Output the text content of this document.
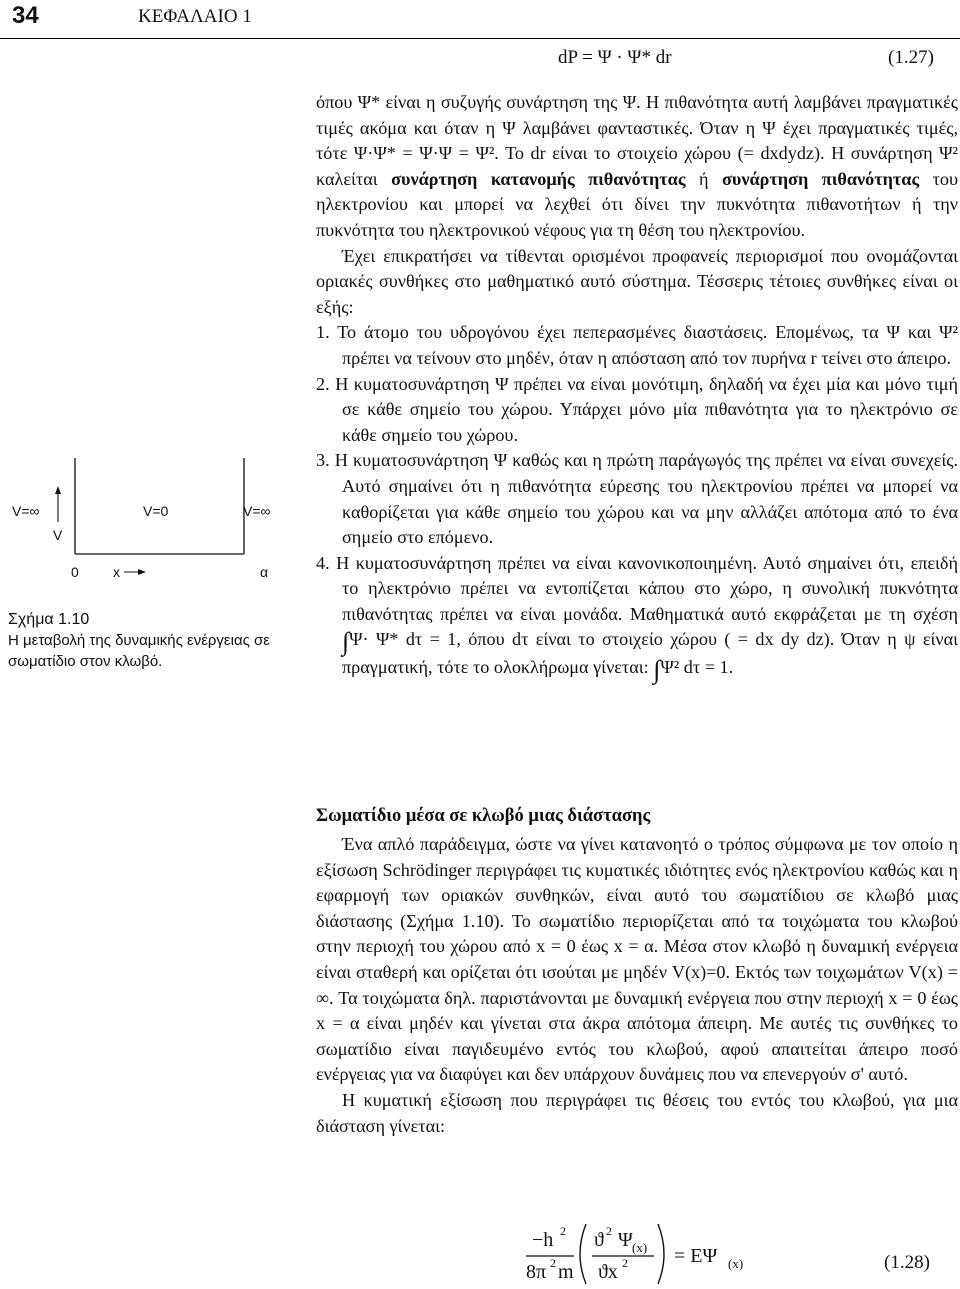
34	ΚΕΦΑΛΑΙΟ 1
dP = Ψ · Ψ* dr	(1.27)

όπου Ψ* είναι η συζυγής συνάρτηση της Ψ. Η πιθανότητα αυτή λαμβάνει πραγματικές τιμές ακόμα και όταν η Ψ λαμβάνει φανταστικές. Όταν η Ψ έχει πραγματικές τιμές, τότε Ψ·Ψ* = Ψ·Ψ = Ψ². Το dr είναι το στοιχείο χώρου (= dxdydz). Η συνάρτηση Ψ² καλείται συνάρτηση κατανομής πιθανότητας ή συνάρτηση πιθανότητας του ηλεκτρονίου και μπορεί να λεχθεί ότι δίνει την πυκνότητα πιθανοτήτων ή την πυκνότητα του ηλεκτρονικού νέφους για τη θέση του ηλεκτρονίου.

Έχει επικρατήσει να τίθενται ορισμένοι προφανείς περιορισμοί που ονομάζονται οριακές συνθήκες στο μαθηματικό αυτό σύστημα. Τέσσερις τέτοιες συνθήκες είναι οι εξής:

1. Το άτομο του υδρογόνου έχει πεπερασμένες διαστάσεις. Επομένως, τα Ψ και Ψ² πρέπει να τείνουν στο μηδέν, όταν η απόσταση από τον πυρήνα r τείνει στο άπειρο.

2. Η κυματοσυνάρτηση Ψ πρέπει να είναι μονότιμη, δηλαδή να έχει μία και μόνο τιμή σε κάθε σημείο του χώρου. Υπάρχει μόνο μία πιθανότητα για το ηλεκτρόνιο σε κάθε σημείο του χώρου.

3. Η κυματοσυνάρτηση Ψ καθώς και η πρώτη παράγωγός της πρέπει να είναι συνεχείς. Αυτό σημαίνει ότι η πιθανότητα εύρεσης του ηλεκτρονίου πρέπει να μπορεί να καθορίζεται για κάθε σημείο του χώρου και να μην αλλάζει απότομα από το ένα σημείο στο επόμενο.

4. Η κυματοσυνάρτηση πρέπει να είναι κανονικοποιημένη. Αυτό σημαίνει ότι, επειδή το ηλεκτρόνιο πρέπει να εντοπίζεται κάπου στο χώρο, η συνολική πυκνότητα πιθανότητας πρέπει να είναι μονάδα. Μαθηματικά αυτό εκφράζεται με τη σχέση ∫Ψ· Ψ* dτ = 1, όπου dτ είναι το στοιχείο χώρου ( = dx dy dz). Όταν η ψ είναι πραγματική, τότε το ολοκλήρωμα γίνεται: ∫Ψ² dτ = 1.

V=∞
V
V=0	V=∞
0 x	α
Σχήμα 1.10
Η μεταβολή της δυναμικής ενέργειας σε σωματίδιο στον κλωβό.
Σωματίδιο μέσα σε κλωβό μιας διάστασης

Ένα απλό παράδειγμα, ώστε να γίνει κατανοητό ο τρόπος σύμφωνα με τον οποίο η εξίσωση Schrödinger περιγράφει τις κυματικές ιδιότητες ενός ηλεκτρονίου καθώς και η εφαρμογή των οριακών συνθηκών, είναι αυτό του σωματίδιου σε κλωβό μιας διάστασης (Σχήμα 1.10). Το σωματίδιο περιορίζεται από τα τοιχώματα του κλωβού στην περιοχή του χώρου από x = 0 έως x = α. Μέσα στον κλωβό η δυναμική ενέργεια είναι σταθερή και ορίζεται ότι ισούται με μηδέν V(x)=0. Εκτός των τοιχωμάτων V(x) = ∞. Τα τοιχώματα δηλ. παριστάνονται με δυναμική ενέργεια που στην περιοχή x = 0 έως x = α είναι μηδέν και γίνεται στα άκρα απότομα άπειρη. Με αυτές τις συνθήκες το σωματίδιο είναι παγιδευμένο εντός του κλωβού, αφού απαιτείται άπειρο ποσό ενέργειας για να διαφύγει και δεν υπάρχουν δυνάμεις που να επενεργούν σ' αυτό.

Η κυματική εξίσωση που περιγράφει τις θέσεις του εντός του κλωβού, για μια διάσταση γίνεται:

−h 2
8π 2 m
ϑ 2 Ψ (x)
ϑx 2 = EΨ (x)	(1.28)
